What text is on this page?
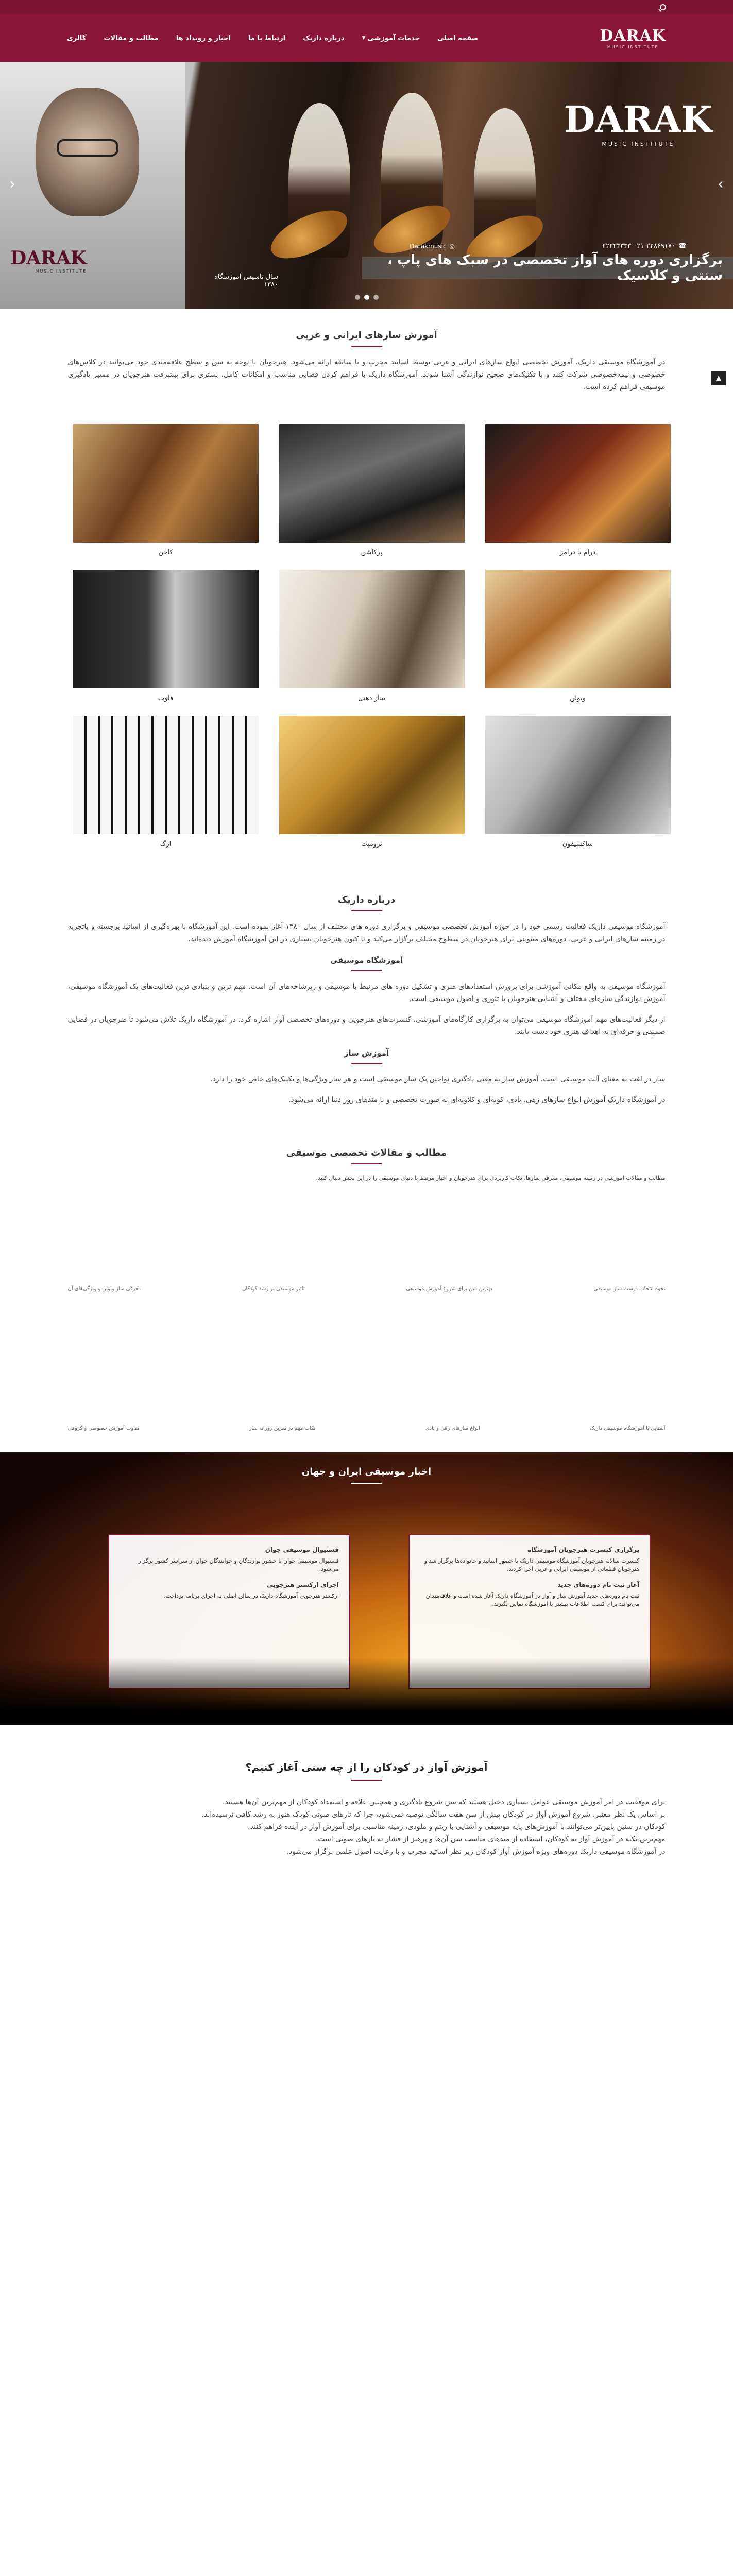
DARAK
MUSIC INSTITUTE
صفحه اصلی
خدمات آموزشی
▼
درباره داریک
ارتباط با ما
اخبار و رویداد ها
مطالب و مقالات
گالری
DARAK
MUSIC INSTITUTE
DARAK
MUSIC INSTITUTE
☎
۰۲۱-۲۲۸۶۹۱۷۰ ۲۲۲۲۳۳۳۳
◎
Darakmusic
برگزاری دوره های آواز تخصصی در سبک های پاپ ، سنتی و کلاسیک
سال تاسیس آموزشگاه
۱۳۸۰
‹	›
آموزش سازهای ایرانی و غربی

در آموزشگاه موسیقی داریک، آموزش تخصصی انواع سازهای ایرانی و غربی توسط اساتید مجرب و با سابقه ارائه می‌شود. هنرجویان با توجه به سن و سطح علاقه‌مندی خود می‌توانند در کلاس‌های خصوصی و نیمه‌خصوصی شرکت کنند و با تکنیک‌های صحیح نوازندگی آشنا شوند. آموزشگاه داریک با فراهم کردن فضایی مناسب و امکانات کامل، بستری برای پیشرفت هنرجویان در مسیر یادگیری موسیقی فراهم کرده است.

درام یا درامز
پرکاشن
کاخن
ویولن
ساز دهنی
فلوت
ساکسیفون
ترومپت
ارگ
درباره داریک

آموزشگاه موسیقی داریک فعالیت رسمی خود را در حوزه آموزش تخصصی موسیقی و برگزاری دوره های مختلف از سال ۱۳۸۰ آغاز نموده است. این آموزشگاه با بهره‌گیری از اساتید برجسته و باتجربه در زمینه سازهای ایرانی و غربی، دوره‌های متنوعی برای هنرجویان در سطوح مختلف برگزار می‌کند و تا کنون هنرجویان بسیاری در این آموزشگاه آموزش دیده‌اند.

آموزشگاه موسیقی

آموزشگاه موسیقی به واقع مکانی آموزشی برای پرورش استعدادهای هنری و تشکیل دوره های مرتبط با موسیقی و زیرشاخه‌های آن است. مهم ترین و بنیادی ترین فعالیت‌های یک آموزشگاه موسیقی، آموزش نوازندگی سازهای مختلف و آشنایی هنرجویان با تئوری و اصول موسیقی است.

از دیگر فعالیت‌های مهم آموزشگاه موسیقی می‌توان به برگزاری کارگاه‌های آموزشی، کنسرت‌های هنرجویی و دوره‌های تخصصی آواز اشاره کرد. در آموزشگاه داریک تلاش می‌شود تا هنرجویان در فضایی صمیمی و حرفه‌ای به اهداف هنری خود دست یابند.

آموزش ساز

ساز در لغت به معنای آلت موسیقی است. آموزش ساز به معنی یادگیری نواختن یک ساز موسیقی است و هر ساز ویژگی‌ها و تکنیک‌های خاص خود را دارد.

در آموزشگاه داریک آموزش انواع سازهای زهی، بادی، کوبه‌ای و کلاویه‌ای به صورت تخصصی و با متدهای روز دنیا ارائه می‌شود.

مطالب و مقالات تخصصی موسیقی

مطالب و مقالات آموزشی در زمینه موسیقی، معرفی سازها، نکات کاربردی برای هنرجویان و اخبار مرتبط با دنیای موسیقی را در این بخش دنبال کنید.

نحوه انتخاب درست ساز موسیقی
بهترین سن برای شروع آموزش موسیقی
تاثیر موسیقی بر رشد کودکان
معرفی ساز ویولن و ویژگی‌های آن
آشنایی با آموزشگاه موسیقی داریک
انواع سازهای زهی و بادی
نکات مهم در تمرین روزانه ساز
تفاوت آموزش خصوصی و گروهی
اخبار موسیقی ایران و جهان
برگزاری کنسرت هنرجویان آموزشگاه

کنسرت سالانه هنرجویان آموزشگاه موسیقی داریک با حضور اساتید و خانواده‌ها برگزار شد و هنرجویان قطعاتی از موسیقی ایرانی و غربی اجرا کردند.

آغاز ثبت نام دوره‌های جدید

ثبت نام دوره‌های جدید آموزش ساز و آواز در آموزشگاه داریک آغاز شده است و علاقه‌مندان می‌توانند برای کسب اطلاعات بیشتر با آموزشگاه تماس بگیرند.

فستیوال موسیقی جوان

فستیوال موسیقی جوان با حضور نوازندگان و خوانندگان جوان از سراسر کشور برگزار می‌شود.

اجرای ارکستر هنرجویی

ارکستر هنرجویی آموزشگاه داریک در سالن اصلی به اجرای برنامه پرداخت.

آموزش آواز در کودکان را از چه سنی آغاز کنیم؟

برای موفقیت در امر آموزش موسیقی عوامل بسیاری دخیل هستند که سن شروع یادگیری و همچنین علاقه و استعداد کودکان از مهم‌ترین آن‌ها هستند.

بر اساس یک نظر معتبر، شروع آموزش آواز در کودکان پیش از سن هفت سالگی توصیه نمی‌شود، چرا که تارهای صوتی کودک هنوز به رشد کافی نرسیده‌اند.

کودکان در سنین پایین‌تر می‌توانند با آموزش‌های پایه موسیقی و آشنایی با ریتم و ملودی، زمینه مناسبی برای آموزش آواز در آینده فراهم کنند.

مهم‌ترین نکته در آموزش آواز به کودکان، استفاده از متدهای مناسب سن آن‌ها و پرهیز از فشار به تارهای صوتی است.

در آموزشگاه موسیقی داریک دوره‌های ویژه آموزش آواز کودکان زیر نظر اساتید مجرب و با رعایت اصول علمی برگزار می‌شود.

▲
